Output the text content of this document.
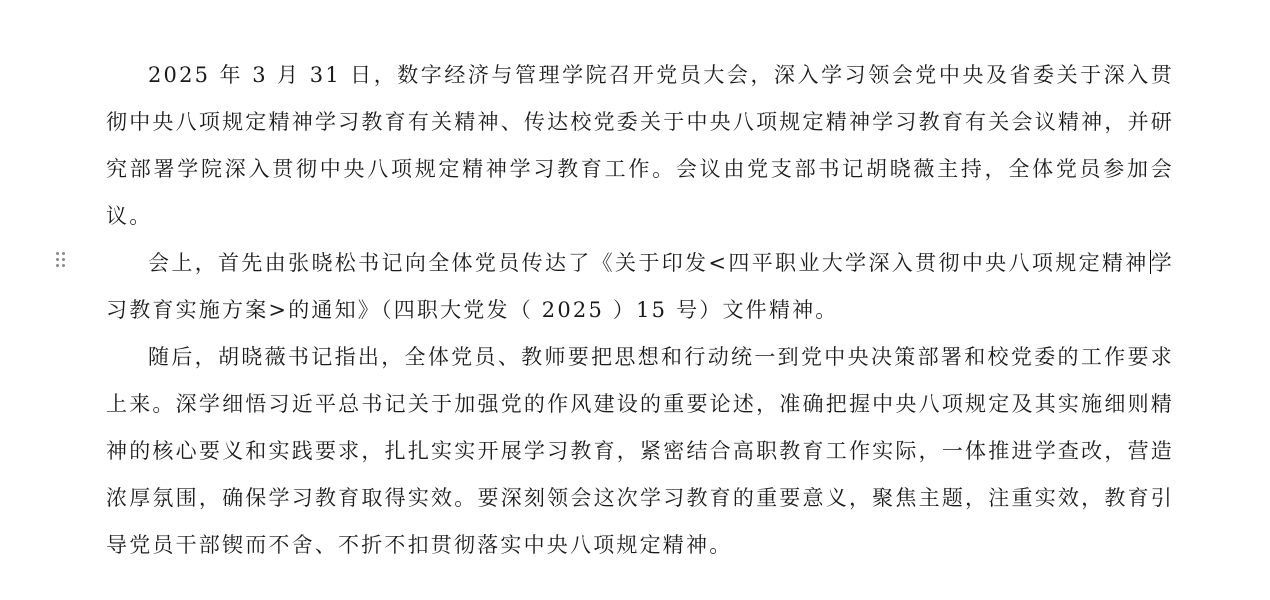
2025 年 3 月 31 日，数字经济与管理学院召开党员大会，深入学习领会党中央及省委关于深入贯彻中央八项规定精神学习教育有关精神、传达校党委关于中央八项规定精神学习教育有关会议精神，并研究部署学院深入贯彻中央八项规定精神学习教育工作。会议由党支部书记胡晓薇主持，全体党员参加会议。

会上，首先由张晓松书记向全体党员传达了《关于印发<四平职业大学深入贯彻中央八项规定精神学习教育实施方案>的通知》（四职大党发（ 2025 ）15 号）文件精神。

随后，胡晓薇书记指出，全体党员、教师要把思想和行动统一到党中央决策部署和校党委的工作要求上来。深学细悟习近平总书记关于加强党的作风建设的重要论述，准确把握中央八项规定及其实施细则精神的核心要义和实践要求，扎扎实实开展学习教育，紧密结合高职教育工作实际，一体推进学查改，营造浓厚氛围，确保学习教育取得实效。要深刻领会这次学习教育的重要意义，聚焦主题，注重实效，教育引导党员干部锲而不舍、不折不扣贯彻落实中央八项规定精神。
